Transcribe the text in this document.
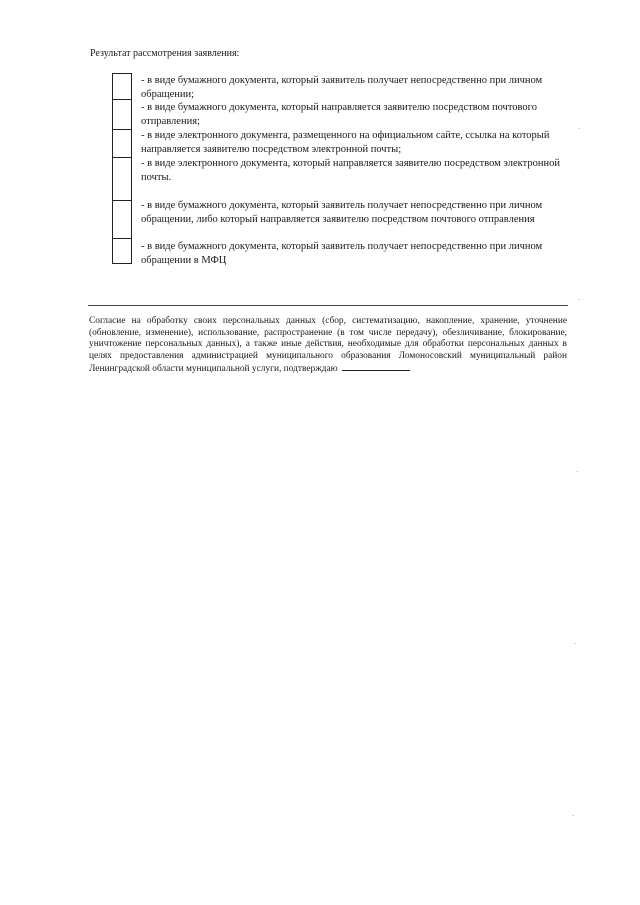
Результат рассмотрения заявления:
- в виде бумажного документа, который заявитель получает непосредственно при личном обращении;
- в виде бумажного документа, который направляется заявителю посредством почтового отправления;
- в виде электронного документа, размещенного на официальном сайте, ссылка на который направляется заявителю посредством электронной почты;
- в виде электронного документа, который направляется заявителю посредством электронной почты.
- в виде бумажного документа, который заявитель получает непосредственно при личном обращении, либо который направляется заявителю посредством почтового отправления
- в виде бумажного документа, который заявитель получает непосредственно при личном обращении в МФЦ
Согласие на обработку своих персональных данных (сбор, систематизацию, накопление, хранение, уточнение (обновление, изменение), использование, распространение (в том числе передачу), обезличивание, блокирование, уничтожение персональных данных), а также иные действия, необходимые для обработки персональных данных в целях предоставления администрацией муниципального образования Ломоносовский муниципальный район Ленинградской области муниципальной услуги, подтверждаю
·
·
·
·
·
